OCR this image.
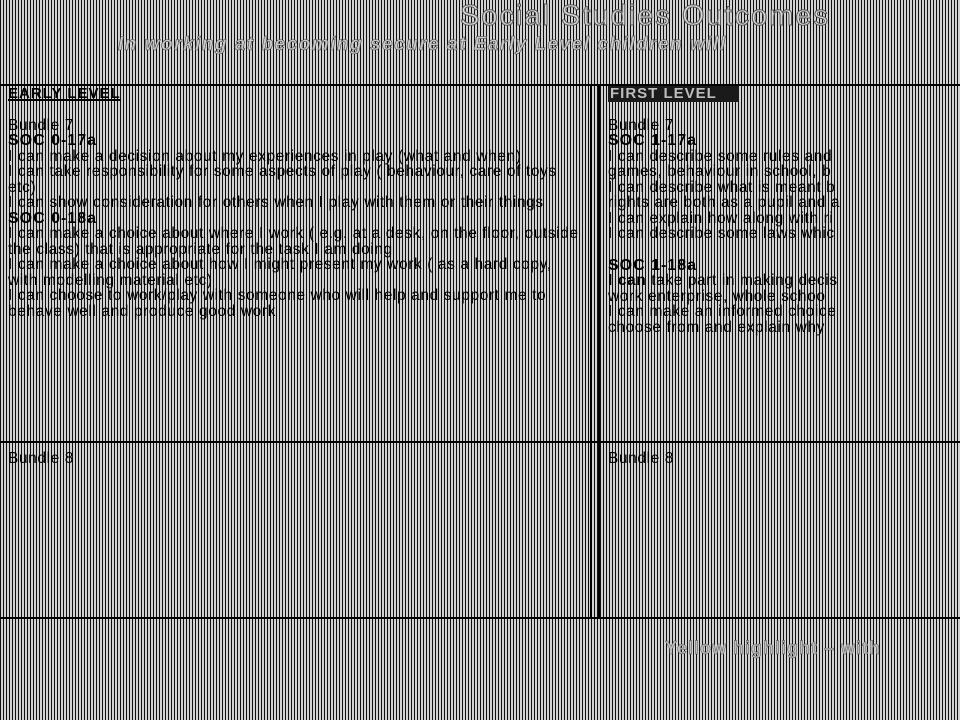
Social Studies Outcomes
In working at becoming secure at Early Level children will

EARLY LEVEL

Bundle 7

SOC 0-17a

I can make a decision about my experiences in play (what and when)

I can take responsibility for some aspects of play ( behaviour, care of toys etc)

I can show consideration for others when I play with them or their things

SOC 0-18a

I can make a choice about where I work ( e.g. at a desk, on the floor, outside the class) that is appropriate for the task I am doing

I can make a choice about how I might present my work ( as a hard copy, with modelling material etc)

I can choose to work/play with someone who will help and support me to behave well and produce good work

FIRST LEVEL

Bundle 7

SOC 1-17a

I can describe some rules and

games, behaviour in school, b

I can describe what is meant b

rights are both as a pupil and a

I can explain how along with ri

I can describe some laws whic

SOC 1-18a

I can take part in making decis

work enterprise, whole schoo

I can make an informed choice

choose from and explain why

Bundle 8	Bundle 8
Yellow highlight – with
